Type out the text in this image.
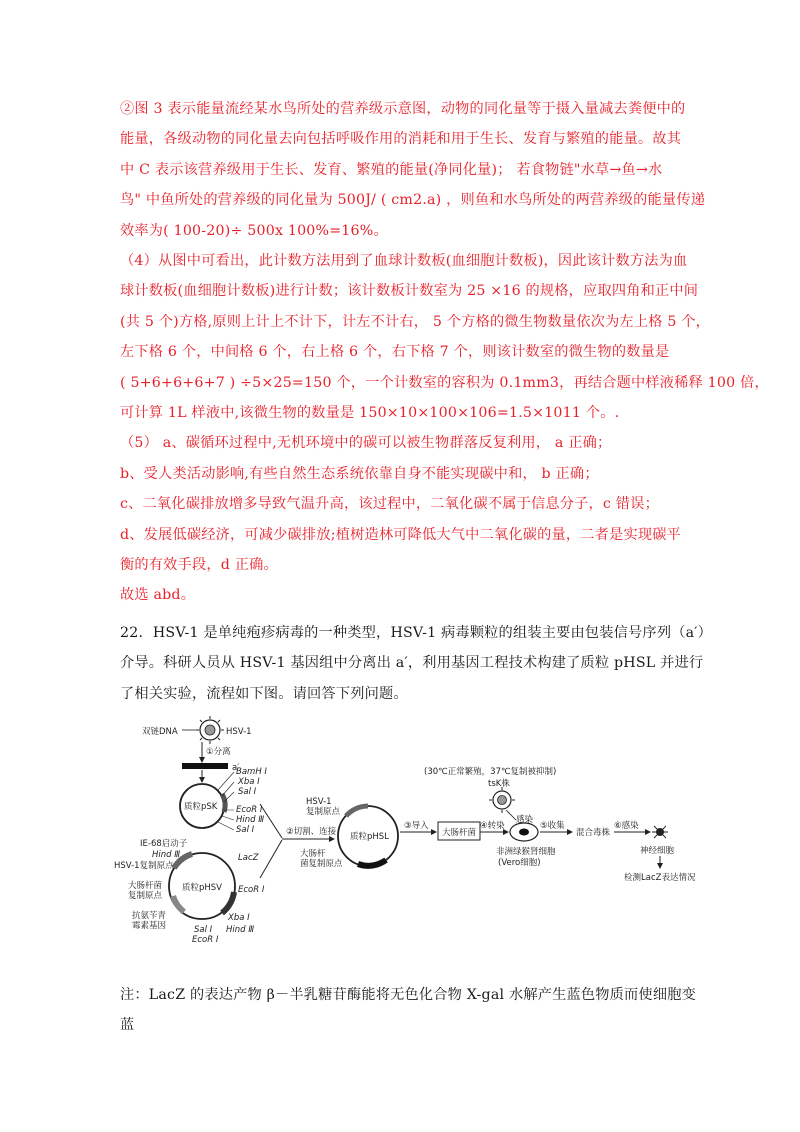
②图 3 表示能量流经某水鸟所处的营养级示意图，动物的同化量等于摄入量减去粪便中的
能量，各级动物的同化量去向包括呼吸作用的消耗和用于生长、发育与繁殖的能量。故其
中 C 表示该营养级用于生长、发育、繁殖的能量(净同化量)； 若食物链"水草→鱼→水
鸟" 中鱼所处的营养级的同化量为 500J/ ( cm2.a) ，则鱼和水鸟所处的两营养级的能量传递
效率为( 100-20)÷ 500x 100%=16%。
（4）从图中可看出，此计数方法用到了血球计数板(血细胞计数板)，因此该计数方法为血
球计数板(血细胞计数板)进行计数；该计数板计数室为 25 ×16 的规格，应取四角和正中间
(共 5 个)方格,原则上计上不计下，计左不计右， 5 个方格的微生物数量依次为左上格 5 个，
左下格 6 个，中间格 6 个，右上格 6 个，右下格 7 个，则该计数室的微生物的数量是
( 5+6+6+6+7 ) ÷5×25=150 个，一个计数室的容积为 0.1mm3，再结合题中样液稀释 100 倍，
可计算 1L 样液中,该微生物的数量是 150×10×100×106=1.5×1011 个。.
（5） a、碳循环过程中,无机环境中的碳可以被生物群落反复利用， a 正确；
b、受人类活动影响,有些自然生态系统依靠自身不能实现碳中和， b 正确；
c、二氧化碳排放增多导致气温升高，该过程中，二氧化碳不属于信息分子，c 错误；
d、发展低碳经济，可减少碳排放;植树造林可降低大气中二氧化碳的量，二者是实现碳平
衡的有效手段，d 正确。
故选 abd。
22．HSV-1 是单纯疱疹病毒的一种类型，HSV-1 病毒颗粒的组装主要由包装信号序列（a′）
介导。科研人员从 HSV-1 基因组中分离出 a′，利用基因工程技术构建了质粒 pHSL 并进行
了相关实验，流程如下图。请回答下列问题。
双链DNA	HSV-1
①分离
a′
质粒pSK
BamH Ⅰ
Xba Ⅰ
Sal Ⅰ
EcoR Ⅰ
Hind Ⅲ
Sal Ⅰ
质粒pHSV
IE-68启动子
Hind Ⅲ
HSV-1复制原点
大肠杆菌
复制原点
抗氨苄青
霉素基因	Sal Ⅰ
EcoR Ⅰ
LacZ
EcoR Ⅰ
Xba Ⅰ
Hind Ⅲ
②切割、连接 质粒pHSL
HSV-1
复制原点
大肠杆
菌复制原点
③导入
大肠杆菌
④转染
(30℃正常繁殖，37℃复制被抑制)
tsK株
感染
非洲绿猴肾细胞
(Vero细胞)
⑤收集
混合毒株
⑥感染
神经细胞
检测LacZ表达情况
注：LacZ 的表达产物 β－半乳糖苷酶能将无色化合物 X-gal 水解产生蓝色物质而使细胞变
蓝
